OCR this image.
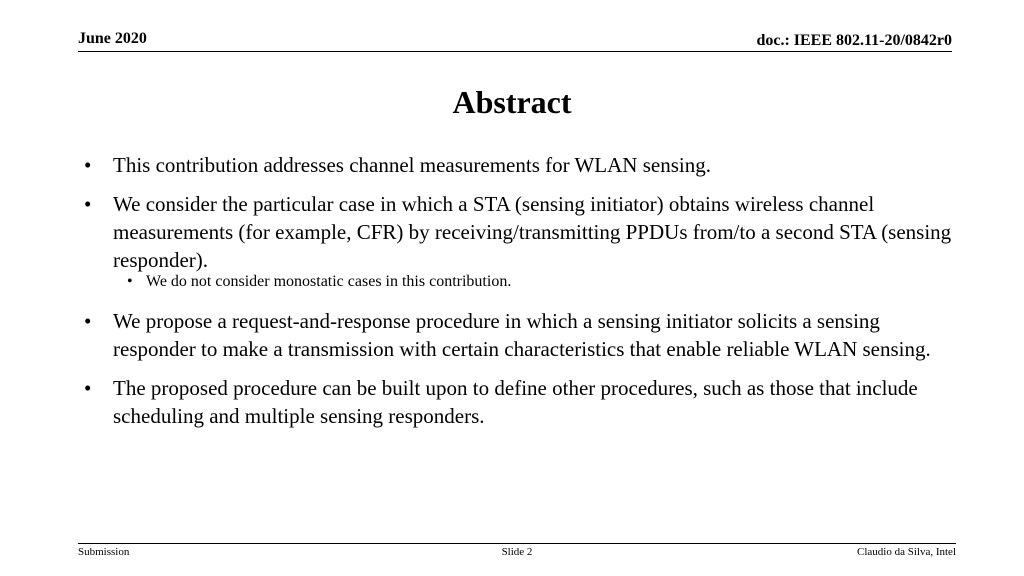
June 2020	doc.: IEEE 802.11-20/0842r0
Abstract
• This contribution addresses channel measurements for WLAN sensing.
• We consider the particular case in which a STA (sensing initiator) obtains wireless channel measurements (for example, CFR) by receiving/transmitting PPDUs from/to a second STA (sensing responder).
• We do not consider monostatic cases in this contribution.
• We propose a request-and-response procedure in which a sensing initiator solicits a sensing responder to make a transmission with certain characteristics that enable reliable WLAN sensing.
• The proposed procedure can be built upon to define other procedures, such as those that include scheduling and multiple sensing responders.
Submission	Slide 2	Claudio da Silva, Intel
